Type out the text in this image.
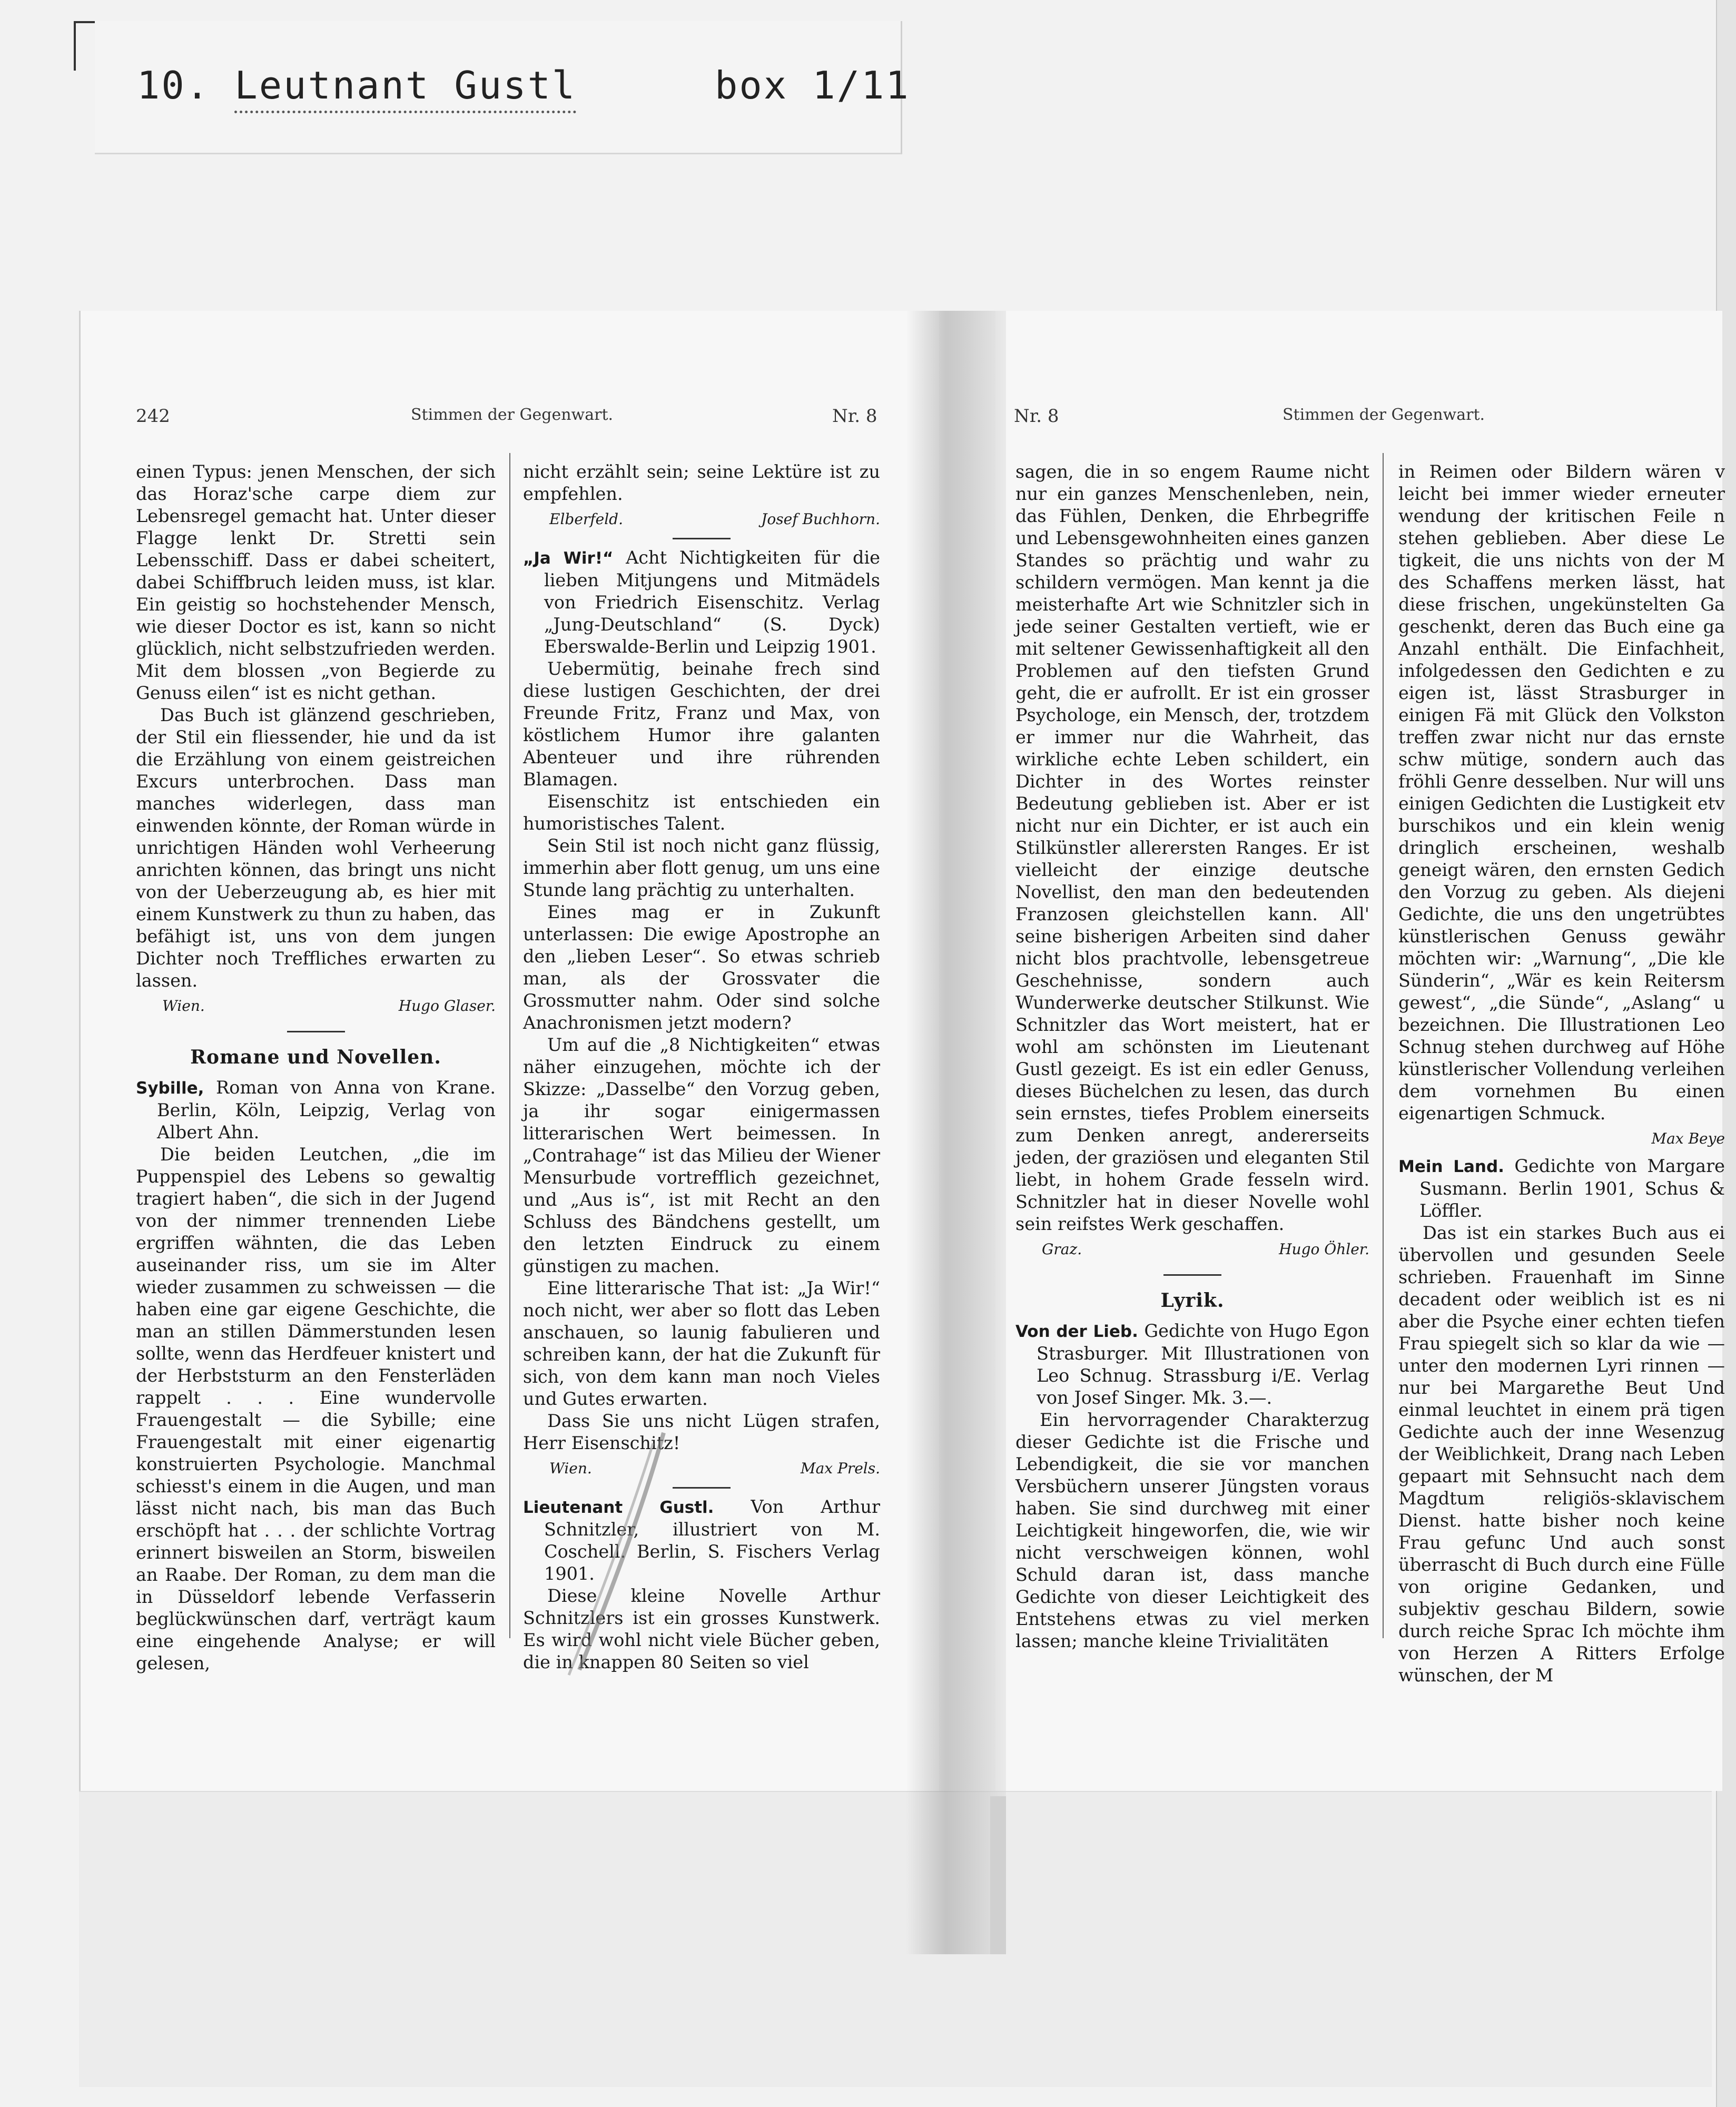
10. Leutnant Gustl	box 1/11
242	Stimmen der Gegenwart.	Nr. 8	Nr. 8	Stimmen der Gegenwart.

einen Typus: jenen Menschen, der sich das Horaz'sche carpe diem zur Lebensregel gemacht hat. Unter dieser Flagge lenkt Dr. Stretti sein Lebensschiff. Dass er dabei scheitert, dabei Schiffbruch leiden muss, ist klar. Ein geistig so hochstehender Mensch, wie dieser Doctor es ist, kann so nicht glücklich, nicht selbstzufrieden werden. Mit dem blossen „von Begierde zu Genuss eilen“ ist es nicht gethan.

Das Buch ist glänzend geschrieben, der Stil ein fliessender, hie und da ist die Erzählung von einem geistreichen Excurs unterbrochen. Dass man manches widerlegen, dass man einwenden könnte, der Roman würde in unrichtigen Händen wohl Verheerung anrichten können, das bringt uns nicht von der Ueberzeugung ab, es hier mit einem Kunstwerk zu thun zu haben, das befähigt ist, uns von dem jungen Dichter noch Treffliches erwarten zu lassen.

Wien.	Hugo Glaser.
Romane und Novellen.

Sybille, Roman von Anna von Krane. Berlin, Köln, Leipzig, Verlag von Albert Ahn.

Die beiden Leutchen, „die im Puppenspiel des Lebens so gewaltig tragiert haben“, die sich in der Jugend von der nimmer trennenden Liebe ergriffen wähnten, die das Leben auseinander riss, um sie im Alter wieder zusammen zu schweissen — die haben eine gar eigene Geschichte, die man an stillen Dämmerstunden lesen sollte, wenn das Herdfeuer knistert und der Herbststurm an den Fensterläden rappelt . . . Eine wundervolle Frauengestalt — die Sybille; eine Frauengestalt mit einer eigenartig konstruierten Psychologie. Manchmal schiesst's einem in die Augen, und man lässt nicht nach, bis man das Buch erschöpft hat . . . der schlichte Vortrag erinnert bisweilen an Storm, bisweilen an Raabe. Der Roman, zu dem man die in Düsseldorf lebende Verfasserin beglückwünschen darf, verträgt kaum eine eingehende Analyse; er will gelesen,

nicht erzählt sein; seine Lektüre ist zu empfehlen.

Elberfeld.	Josef Buchhorn.

„Ja Wir!“ Acht Nichtigkeiten für die lieben Mitjungens und Mitmädels von Friedrich Eisenschitz. Verlag „Jung-Deutschland“ (S. Dyck) Eberswalde-Berlin und Leipzig 1901.

Uebermütig, beinahe frech sind diese lustigen Geschichten, der drei Freunde Fritz, Franz und Max, von köstlichem Humor ihre galanten Abenteuer und ihre rührenden Blamagen.

Eisenschitz ist entschieden ein humoristisches Talent.

Sein Stil ist noch nicht ganz flüssig, immerhin aber flott genug, um uns eine Stunde lang prächtig zu unterhalten.

Eines mag er in Zukunft unterlassen: Die ewige Apostrophe an den „lieben Leser“. So etwas schrieb man, als der Grossvater die Grossmutter nahm. Oder sind solche Anachronismen jetzt modern?

Um auf die „8 Nichtigkeiten“ etwas näher einzugehen, möchte ich der Skizze: „Dasselbe“ den Vorzug geben, ja ihr sogar einigermassen litterarischen Wert beimessen. In „Contrahage“ ist das Milieu der Wiener Mensurbude vortrefflich gezeichnet, und „Aus is“, ist mit Recht an den Schluss des Bändchens gestellt, um den letzten Eindruck zu einem günstigen zu machen.

Eine litterarische That ist: „Ja Wir!“ noch nicht, wer aber so flott das Leben anschauen, so launig fabulieren und schreiben kann, der hat die Zukunft für sich, von dem kann man noch Vieles und Gutes erwarten.

Dass Sie uns nicht Lügen strafen, Herr Eisenschitz!

Wien.	Max Prels.

Lieutenant Gustl. Von Arthur Schnitzler, illustriert von M. Coschell. Berlin, S. Fischers Verlag 1901.

Diese kleine Novelle Arthur Schnitzlers ist ein grosses Kunstwerk. Es wird wohl nicht viele Bücher geben, die in knappen 80 Seiten so viel

sagen, die in so engem Raume nicht nur ein ganzes Menschenleben, nein, das Fühlen, Denken, die Ehrbegriffe und Lebensgewohnheiten eines ganzen Standes so prächtig und wahr zu schildern vermögen. Man kennt ja die meisterhafte Art wie Schnitzler sich in jede seiner Gestalten vertieft, wie er mit seltener Gewissenhaftigkeit all den Problemen auf den tiefsten Grund geht, die er aufrollt. Er ist ein grosser Psychologe, ein Mensch, der, trotzdem er immer nur die Wahrheit, das wirkliche echte Leben schildert, ein Dichter in des Wortes reinster Bedeutung geblieben ist. Aber er ist nicht nur ein Dichter, er ist auch ein Stilkünstler allerersten Ranges. Er ist vielleicht der einzige deutsche Novellist, den man den bedeutenden Franzosen gleichstellen kann. All' seine bisherigen Arbeiten sind daher nicht blos prachtvolle, lebensgetreue Geschehnisse, sondern auch Wunderwerke deutscher Stilkunst. Wie Schnitzler das Wort meistert, hat er wohl am schönsten im Lieutenant Gustl gezeigt. Es ist ein edler Genuss, dieses Büchelchen zu lesen, das durch sein ernstes, tiefes Problem einerseits zum Denken anregt, andererseits jeden, der graziösen und eleganten Stil liebt, in hohem Grade fesseln wird. Schnitzler hat in dieser Novelle wohl sein reifstes Werk geschaffen.

Graz.	Hugo Öhler.
Lyrik.

Von der Lieb. Gedichte von Hugo Egon Strasburger. Mit Illustrationen von Leo Schnug. Strassburg i/E. Verlag von Josef Singer. Mk. 3.—.

Ein hervorragender Charakterzug dieser Gedichte ist die Frische und Lebendigkeit, die sie vor manchen Versbüchern unserer Jüngsten voraus haben. Sie sind durchweg mit einer Leichtigkeit hingeworfen, die, wie wir nicht verschweigen können, wohl Schuld daran ist, dass manche Gedichte von dieser Leichtigkeit des Entstehens etwas zu viel merken lassen; manche kleine Trivialitäten

in Reimen oder Bildern wären v leicht bei immer wieder erneuter wendung der kritischen Feile n stehen geblieben. Aber diese Le tigkeit, die uns nichts von der M des Schaffens merken lässt, hat diese frischen, ungekünstelten Ga geschenkt, deren das Buch eine ga Anzahl enthält. Die Einfachheit, infolgedessen den Gedichten e zu eigen ist, lässt Strasburger in einigen Fä mit Glück den Volkston treffen zwar nicht nur das ernste schw mütige, sondern auch das fröhli Genre desselben. Nur will uns einigen Gedichten die Lustigkeit etv burschikos und ein klein wenig dringlich erscheinen, weshalb geneigt wären, den ernsten Gedich den Vorzug zu geben. Als diejeni Gedichte, die uns den ungetrübtes künstlerischen Genuss gewähr möchten wir: „Warnung“, „Die kle Sünderin“, „Wär es kein Reitersm gewest“, „die Sünde“, „Aslang“ u bezeichnen. Die Illustrationen Leo Schnug stehen durchweg auf Höhe künstlerischer Vollendung verleihen dem vornehmen Bu einen eigenartigen Schmuck.

Max Beye

Mein Land. Gedichte von Margare Susmann. Berlin 1901, Schus & Löffler.

Das ist ein starkes Buch aus ei übervollen und gesunden Seele schrieben. Frauenhaft im Sinne decadent oder weiblich ist es ni aber die Psyche einer echten tiefen Frau spiegelt sich so klar da wie — unter den modernen Lyri rinnen — nur bei Margarethe Beut Und einmal leuchtet in einem prä tigen Gedichte auch der inne Wesenzug der Weiblichkeit, Drang nach Leben gepaart mit Sehnsucht nach dem Magdtum religiös-sklavischem Dienst. hatte bisher noch keine Frau gefunc Und auch sonst überrascht di Buch durch eine Fülle von origine Gedanken, und subjektiv geschau Bildern, sowie durch reiche Sprac Ich möchte ihm von Herzen A Ritters Erfolge wünschen, der M
